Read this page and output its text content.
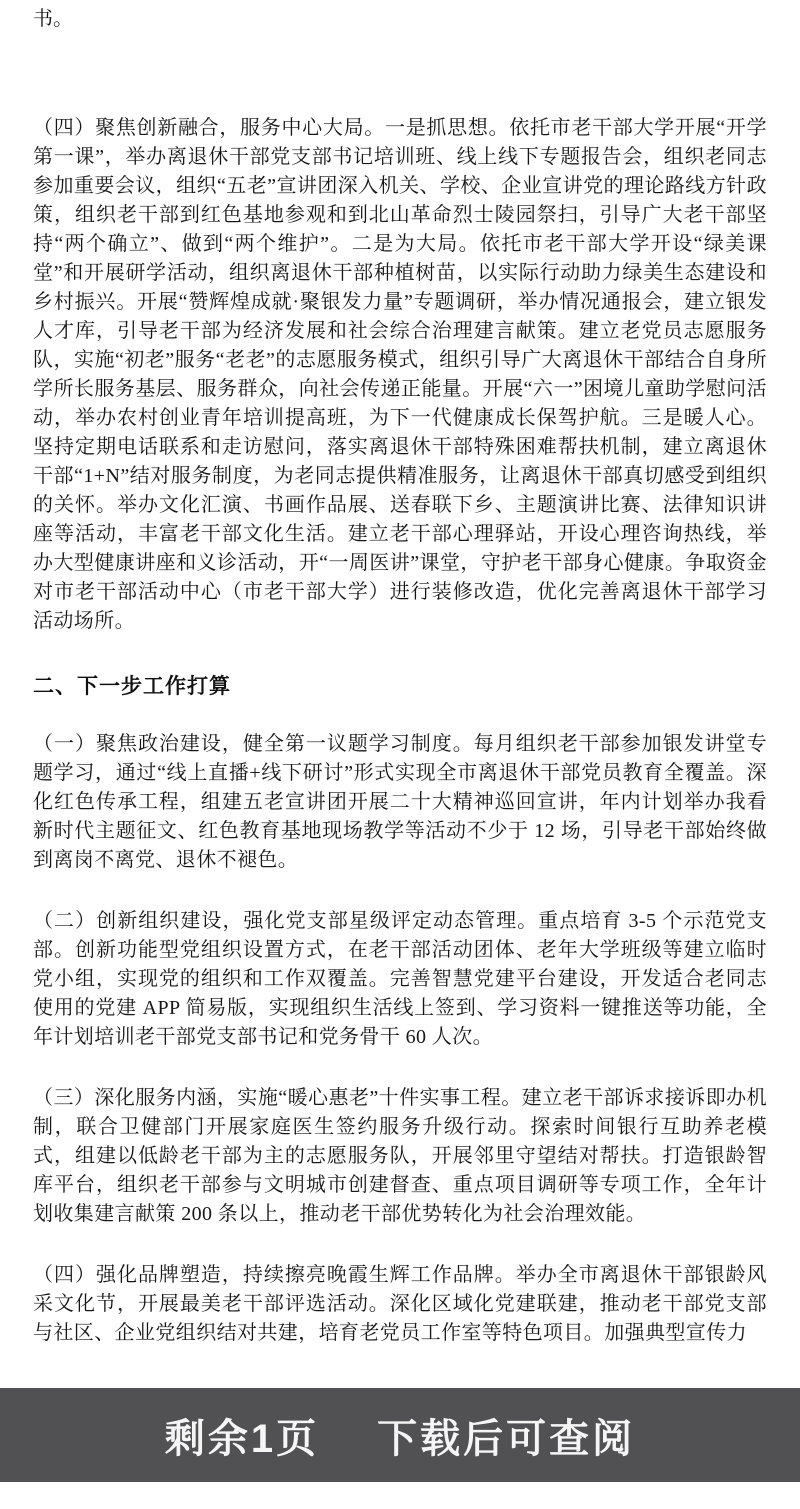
书。

（四）聚焦创新融合，服务中心大局。一是抓思想。依托市老干部大学开展“开学第一课”，举办离退休干部党支部书记培训班、线上线下专题报告会，组织老同志参加重要会议，组织“五老”宣讲团深入机关、学校、企业宣讲党的理论路线方针政策，组织老干部到红色基地参观和到北山革命烈士陵园祭扫，引导广大老干部坚持“两个确立”、做到“两个维护”。二是为大局。依托市老干部大学开设“绿美课堂”和开展研学活动，组织离退休干部种植树苗，以实际行动助力绿美生态建设和乡村振兴。开展“赞辉煌成就·聚银发力量”专题调研，举办情况通报会，建立银发人才库，引导老干部为经济发展和社会综合治理建言献策。建立老党员志愿服务队，实施“初老”服务“老老”的志愿服务模式，组织引导广大离退休干部结合自身所学所长服务基层、服务群众，向社会传递正能量。开展“六一”困境儿童助学慰问活动，举办农村创业青年培训提高班，为下一代健康成长保驾护航。三是暖人心。坚持定期电话联系和走访慰问，落实离退休干部特殊困难帮扶机制，建立离退休干部“1+N”结对服务制度，为老同志提供精准服务，让离退休干部真切感受到组织的关怀。举办文化汇演、书画作品展、送春联下乡、主题演讲比赛、法律知识讲座等活动，丰富老干部文化生活。建立老干部心理驿站，开设心理咨询热线，举办大型健康讲座和义诊活动，开“一周医讲”课堂，守护老干部身心健康。争取资金对市老干部活动中心（市老干部大学）进行装修改造，优化完善离退休干部学习活动场所。

二、下一步工作打算

（一）聚焦政治建设，健全第一议题学习制度。每月组织老干部参加银发讲堂专题学习，通过“线上直播+线下研讨”形式实现全市离退休干部党员教育全覆盖。深化红色传承工程，组建五老宣讲团开展二十大精神巡回宣讲，年内计划举办我看新时代主题征文、红色教育基地现场教学等活动不少于 12 场，引导老干部始终做到离岗不离党、退休不褪色。

（二）创新组织建设，强化党支部星级评定动态管理。重点培育 3-5 个示范党支部。创新功能型党组织设置方式，在老干部活动团体、老年大学班级等建立临时党小组，实现党的组织和工作双覆盖。完善智慧党建平台建设，开发适合老同志使用的党建 APP 简易版，实现组织生活线上签到、学习资料一键推送等功能，全年计划培训老干部党支部书记和党务骨干 60 人次。

（三）深化服务内涵，实施“暖心惠老”十件实事工程。建立老干部诉求接诉即办机制，联合卫健部门开展家庭医生签约服务升级行动。探索时间银行互助养老模式，组建以低龄老干部为主的志愿服务队，开展邻里守望结对帮扶。打造银龄智库平台，组织老干部参与文明城市创建督查、重点项目调研等专项工作，全年计划收集建言献策 200 条以上，推动老干部优势转化为社会治理效能。

（四）强化品牌塑造，持续擦亮晚霞生辉工作品牌。举办全市离退休干部银龄风采文化节，开展最美老干部评选活动。深化区域化党建联建，推动老干部党支部与社区、企业党组织结对共建，培育老党员工作室等特色项目。加强典型宣传力

剩余1页 下载后可查阅
